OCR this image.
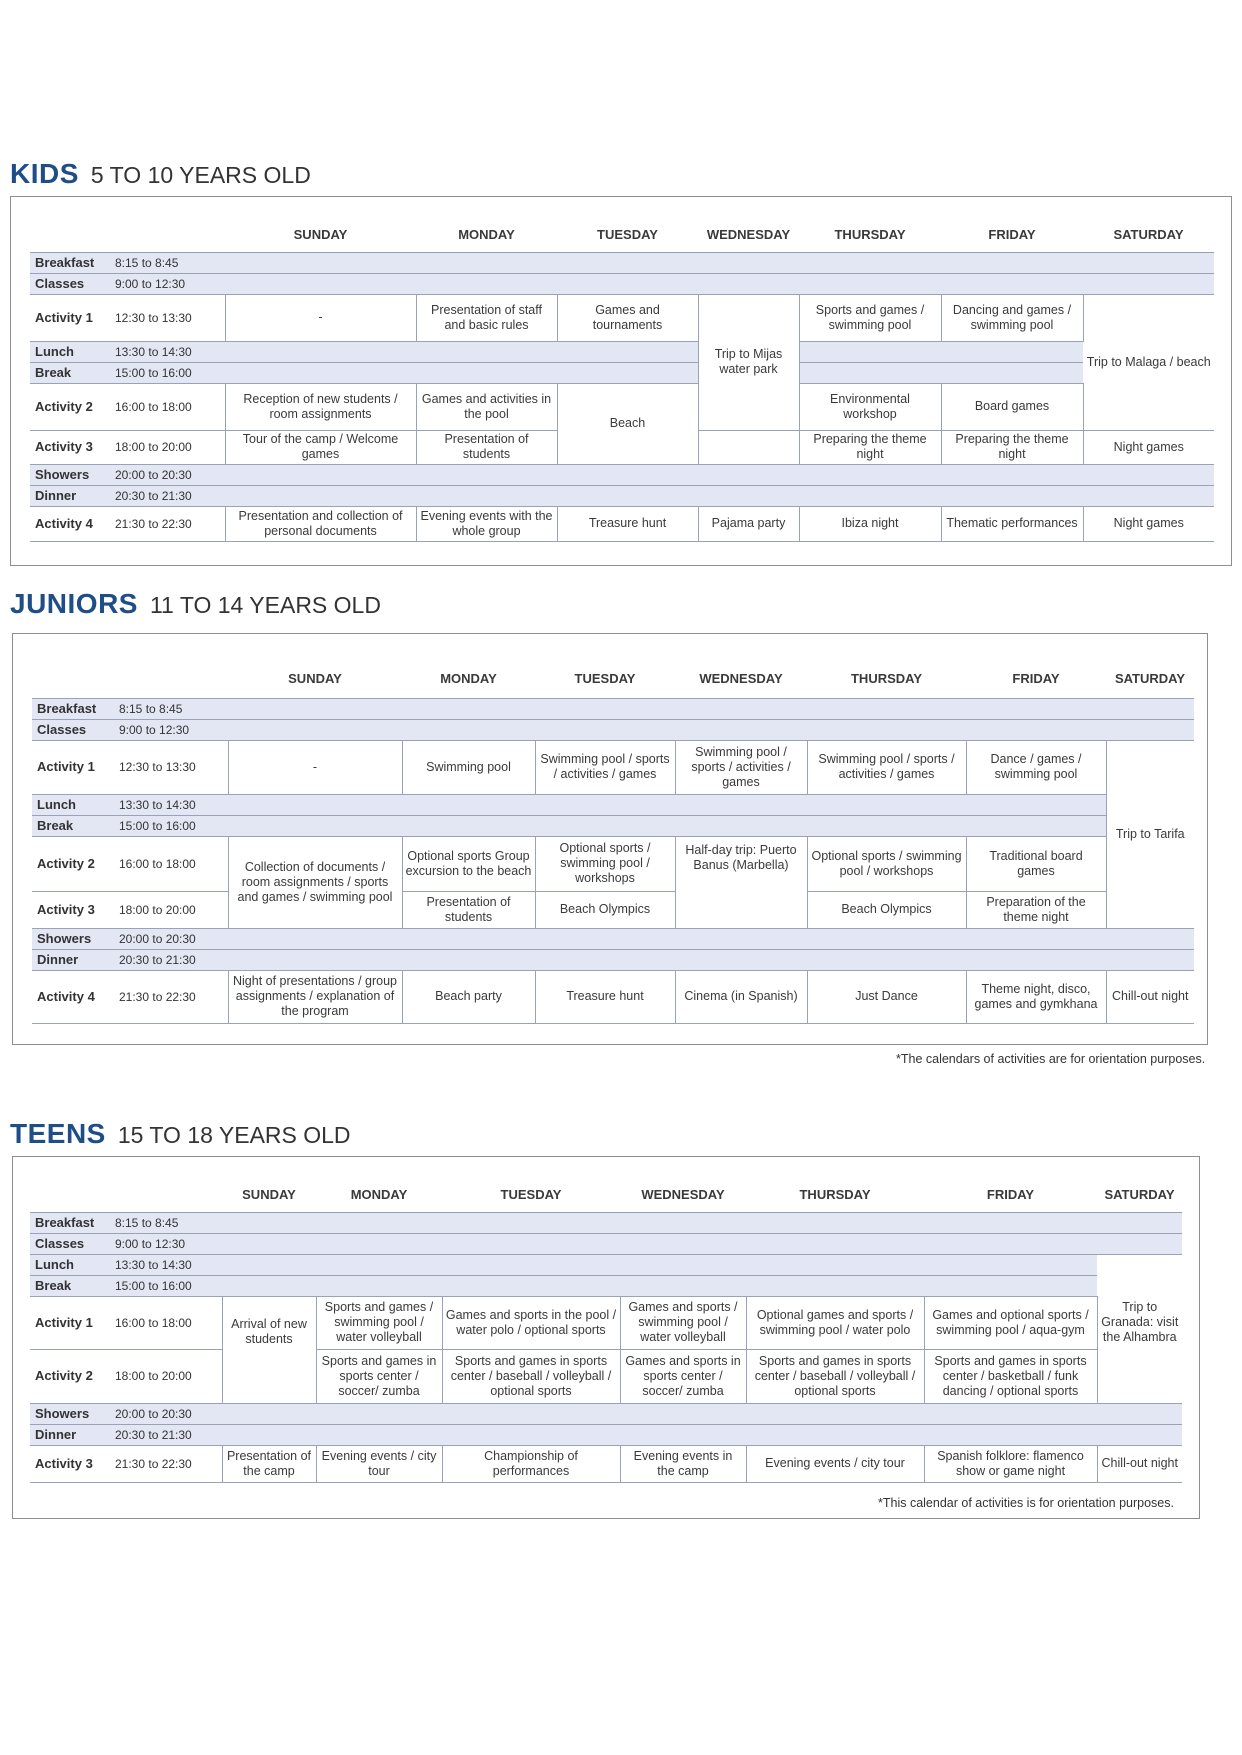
KIDS 5 TO 10 YEARS OLD
	SUNDAY	MONDAY	TUESDAY	WEDNESDAY	THURSDAY	FRIDAY	SATURDAY
Breakfast 8:15 to 8:45							
Classes 9:00 to 12:30							
Activity 1 12:30 to 13:30	-	Presentation of staff and basic rules	Games and tournaments	Trip to Mijas water park	Sports and games / swimming pool	Dancing and games / swimming pool	Trip to Malaga / beach
Lunch 13:30 to 14:30							
Break 15:00 to 16:00							
Activity 2 16:00 to 18:00	Reception of new students / room assignments	Games and activities in the pool	Beach		Environmental workshop	Board games	
Activity 3 18:00 to 20:00	Tour of the camp / Welcome games	Presentation of students			Preparing the theme night	Preparing the theme night	Night games
Showers 20:00 to 20:30							
Dinner 20:30 to 21:30							
Activity 4 21:30 to 22:30	Presentation and collection of personal documents	Evening events with the whole group	Treasure hunt	Pajama party	Ibiza night	Thematic performances	Night games
JUNIORS 11 TO 14 YEARS OLD
	SUNDAY	MONDAY	TUESDAY	WEDNESDAY	THURSDAY	FRIDAY	SATURDAY
Breakfast 8:15 to 8:45							
Classes 9:00 to 12:30							
Activity 1 12:30 to 13:30	-	Swimming pool	Swimming pool / sports / activities / games	Swimming pool / sports / activities / games	Swimming pool / sports / activities / games	Dance / games / swimming pool	Trip to Tarifa
Lunch 13:30 to 14:30							
Break 15:00 to 16:00							
Activity 2 16:00 to 18:00	Collection of documents / room assignments / sports and games / swimming pool	Optional sports Group excursion to the beach	Optional sports / swimming pool / workshops	Half-day trip: Puerto Banus (Marbella)	Optional sports / swimming pool / workshops	Traditional board games	
Activity 3 18:00 to 20:00		Presentation of students	Beach Olympics		Beach Olympics	Preparation of the theme night	
Showers 20:00 to 20:30							
Dinner 20:30 to 21:30							
Activity 4 21:30 to 22:30	Night of presentations / group assignments / explanation of the program	Beach party	Treasure hunt	Cinema (in Spanish)	Just Dance	Theme night, disco, games and gymkhana	Chill-out night
*The calendars of activities are for orientation purposes.
TEENS 15 TO 18 YEARS OLD
	SUNDAY	MONDAY	TUESDAY	WEDNESDAY	THURSDAY	FRIDAY	SATURDAY
Breakfast 8:15 to 8:45							
Classes 9:00 to 12:30							
Lunch 13:30 to 14:30							
Break 15:00 to 16:00							
Activity 1 16:00 to 18:00	Arrival of new students	Sports and games / swimming pool / water volleyball	Games and sports in the pool / water polo / optional sports	Games and sports / swimming pool / water volleyball	Optional games and sports / swimming pool / water polo	Games and optional sports / swimming pool / aqua-gym	Trip to Granada: visit the Alhambra
Activity 2 18:00 to 20:00		Sports and games in sports center / soccer/ zumba	Sports and games in sports center / baseball / volleyball / optional sports	Games and sports in sports center / soccer/ zumba	Sports and games in sports center / baseball / volleyball / optional sports	Sports and games in sports center / basketball / funk dancing / optional sports	
Showers 20:00 to 20:30							
Dinner 20:30 to 21:30							
Activity 3 21:30 to 22:30	Presentation of the camp	Evening events / city tour	Championship of performances	Evening events in the camp	Evening events / city tour	Spanish folklore: flamenco show or game night	Chill-out night
*This calendar of activities is for orientation purposes.
